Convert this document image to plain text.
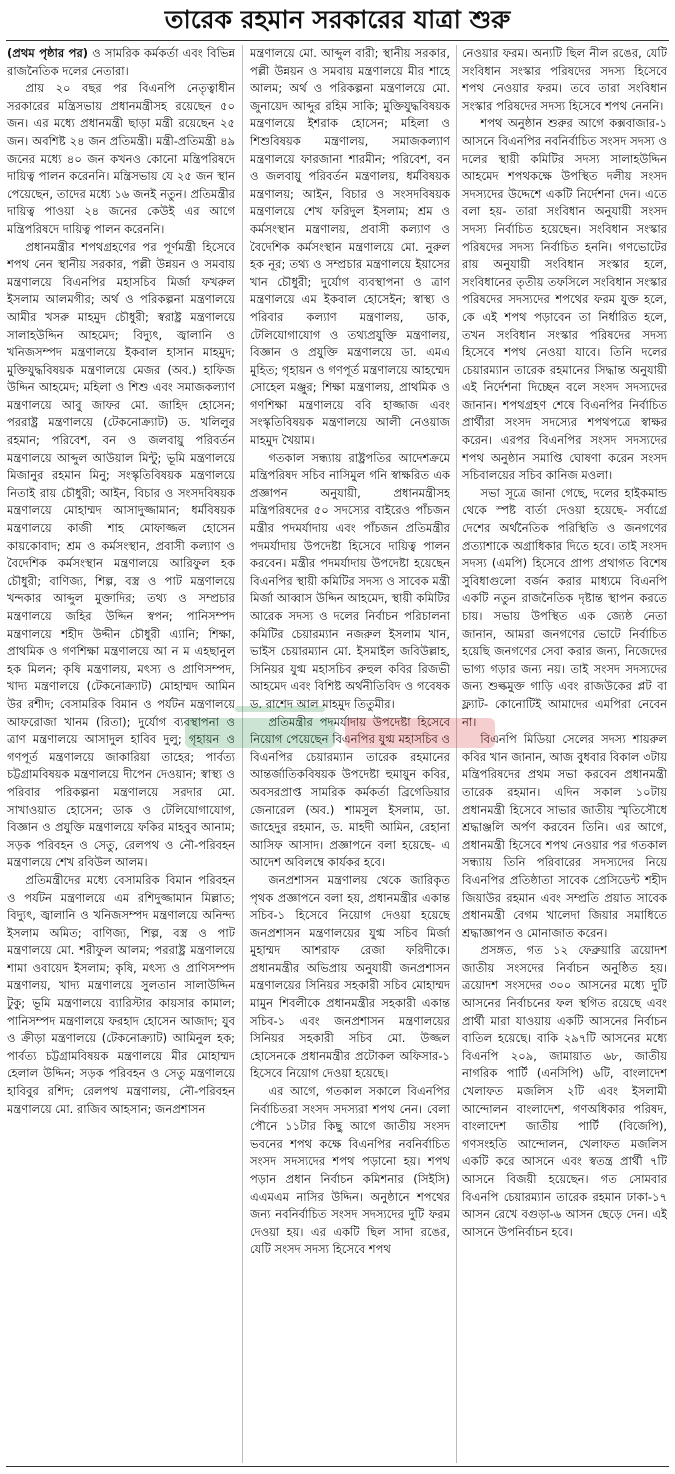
তারেক রহমান সরকারের যাত্রা শুরু

(প্রথম পৃষ্ঠার পর) ও সামরিক কর্মকর্তা এবং বিভিন্ন রাজনৈতিক দলের নেতারা।

প্রায় ২০ বছর পর বিএনপি নেতৃত্বাধীন সরকারের মন্ত্রিসভায় প্রধানমন্ত্রীসহ রয়েছেন ৫০ জন। এর মধ্যে প্রধানমন্ত্রী ছাড়া মন্ত্রী রয়েছেন ২৫ জন। অবশিষ্ট ২৪ জন প্রতিমন্ত্রী। মন্ত্রী-প্রতিমন্ত্রী ৪৯ জনের মধ্যে ৪০ জন কখনও কোনো মন্ত্রিপরিষদে দায়িত্ব পালন করেননি। মন্ত্রিসভায় যে ২৫ জন স্থান পেয়েছেন, তাদের মধ্যে ১৬ জনই নতুন। প্রতিমন্ত্রীর দায়িত্ব পাওয়া ২৪ জনের কেউই এর আগে মন্ত্রিপরিষদে দায়িত্ব পালন করেননি।

প্রধানমন্ত্রীর শপথগ্রহণের পর পূর্ণমন্ত্রী হিসেবে শপথ নেন স্থানীয় সরকার, পল্লী উন্নয়ন ও সমবায় মন্ত্রণালয়ে বিএনপির মহাসচিব মির্জা ফখরুল ইসলাম আলমগীর; অর্থ ও পরিকল্পনা মন্ত্রণালয়ে আমীর খসরু মাহমুদ চৌধুরী; স্বরাষ্ট্র মন্ত্রণালয়ে সালাহউদ্দিন আহমেদ; বিদ্যুৎ, জ্বালানি ও খনিজসম্পদ মন্ত্রণালয়ে ইকবাল হাসান মাহমুদ; মুক্তিযুদ্ধবিষয়ক মন্ত্রণালয়ে মেজর (অব.) হাফিজ উদ্দিন আহমেদ; মহিলা ও শিশু এবং সমাজকল্যাণ মন্ত্রণালয়ে আবু জাফর মো. জাহিদ হোসেন; পররাষ্ট্র মন্ত্রণালয়ে (টেকনোক্র্যাট) ড. খলিলুর রহমান; পরিবেশ, বন ও জলবায়ু পরিবর্তন মন্ত্রণালয়ে আব্দুল আউয়াল মিন্টু; ভূমি মন্ত্রণালয়ে মিজানুর রহমান মিনু; সংস্কৃতিবিষয়ক মন্ত্রণালয়ে নিতাই রায় চৌধুরী; আইন, বিচার ও সংসদবিষয়ক মন্ত্রণালয়ে মোহাম্মদ আসাদুজ্জামান; ধর্মবিষয়ক মন্ত্রণালয়ে কাজী শাহ মোফাজ্জল হোসেন কায়কোবাদ; শ্রম ও কর্মসংস্থান, প্রবাসী কল্যাণ ও বৈদেশিক কর্মসংস্থান মন্ত্রণালয়ে আরিফুল হক চৌধুরী; বাণিজ্য, শিল্প, বস্ত্র ও পাট মন্ত্রণালয়ে খন্দকার আব্দুল মুক্তাদির; তথ্য ও সম্প্রচার মন্ত্রণালয়ে জহির উদ্দিন স্বপন; পানিসম্পদ মন্ত্রণালয়ে শহীদ উদ্দীন চৌধুরী এ্যানি; শিক্ষা, প্রাথমিক ও গণশিক্ষা মন্ত্রণালয়ে আ ন ম এহছানুল হক মিলন; কৃষি মন্ত্রণালয়, মৎস্য ও প্রাণিসম্পদ, খাদ্য মন্ত্রণালয়ে (টেকনোক্র্যাট) মোহাম্মদ আমিন উর রশীদ; বেসামরিক বিমান ও পর্যটন মন্ত্রণালয়ে আফরোজা খানম (রিতা); দুর্যোগ ব্যবস্থাপনা ও ত্রাণ মন্ত্রণালয়ে আসাদুল হাবিব দুলু; গৃহায়ন ও গণপূর্ত মন্ত্রণালয়ে জাকারিয়া তাহের; পার্বত্য চট্টগ্রামবিষয়ক মন্ত্রণালয়ে দীপেন দেওয়ান; স্বাস্থ্য ও পরিবার পরিকল্পনা মন্ত্রণালয়ে সরদার মো. সাখাওয়াত হোসেন; ডাক ও টেলিযোগাযোগ, বিজ্ঞান ও প্রযুক্তি মন্ত্রণালয়ে ফকির মাহবুব আনাম; সড়ক পরিবহন ও সেতু, রেলপথ ও নৌ-পরিবহন মন্ত্রণালয়ে শেখ রবিউল আলম।

প্রতিমন্ত্রীদের মধ্যে বেসামরিক বিমান পরিবহন ও পর্যটন মন্ত্রণালয়ে এম রশিদুজ্জামান মিল্লাত; বিদ্যুৎ, জ্বালানি ও খনিজসম্পদ মন্ত্রণালয়ে অনিন্দ্য ইসলাম অমিত; বাণিজ্য, শিল্প, বস্ত্র ও পাট মন্ত্রণালয়ে মো. শরীফুল আলম; পররাষ্ট্র মন্ত্রণালয়ে শামা ওবায়েদ ইসলাম; কৃষি, মৎস্য ও প্রাণিসম্পদ মন্ত্রণালয়, খাদ্য মন্ত্রণালয়ে সুলতান সালাউদ্দিন টুকু; ভূমি মন্ত্রণালয়ে ব্যারিস্টার কায়সার কামাল; পানিসম্পদ মন্ত্রণালয়ে ফরহাদ হোসেন আজাদ; যুব ও ক্রীড়া মন্ত্রণালয়ে (টেকনোক্র্যাট) আমিনুল হক; পার্বত্য চট্টগ্রামবিষয়ক মন্ত্রণালয়ে মীর মোহাম্মদ হেলাল উদ্দিন; সড়ক পরিবহন ও সেতু মন্ত্রণালয়ে হাবিবুর রশিদ; রেলপথ মন্ত্রণালয়, নৌ-পরিবহন মন্ত্রণালয়ে মো. রাজিব আহসান; জনপ্রশাসন

মন্ত্রণালয়ে মো. আব্দুল বারী; স্থানীয় সরকার, পল্লী উন্নয়ন ও সমবায় মন্ত্রণালয়ে মীর শাহে আলম; অর্থ ও পরিকল্পনা মন্ত্রণালয়ে মো. জুনায়েদ আব্দুর রহিম সাকি; মুক্তিযুদ্ধবিষয়ক মন্ত্রণালয়ে ইশরাক হোসেন; মহিলা ও শিশুবিষয়ক মন্ত্রণালয়, সমাজকল্যাণ মন্ত্রণালয়ে ফারজানা শারমীন; পরিবেশ, বন ও জলবায়ু পরিবর্তন মন্ত্রণালয়, ধর্মবিষয়ক মন্ত্রণালয়; আইন, বিচার ও সংসদবিষয়ক মন্ত্রণালয়ে শেখ ফরিদুল ইসলাম; শ্রম ও কর্মসংস্থান মন্ত্রণালয়, প্রবাসী কল্যাণ ও বৈদেশিক কর্মসংস্থান মন্ত্রণালয়ে মো. নুরুল হক নূর; তথ্য ও সম্প্রচার মন্ত্রণালয়ে ইয়াসের খান চৌধুরী; দুর্যোগ ব্যবস্থাপনা ও ত্রাণ মন্ত্রণালয়ে এম ইকবাল হোসেইন; স্বাস্থ্য ও পরিবার কল্যাণ মন্ত্রণালয়, ডাক, টেলিযোগাযোগ ও তথ্যপ্রযুক্তি মন্ত্রণালয়, বিজ্ঞান ও প্রযুক্তি মন্ত্রণালয়ে ডা. এমএ মুহিত; গৃহায়ন ও গণপূর্ত মন্ত্রণালয়ে আহম্মেদ সোহেল মঞ্জুর; শিক্ষা মন্ত্রণালয়, প্রাথমিক ও গণশিক্ষা মন্ত্রণালয়ে ববি হাজ্জাজ এবং সংস্কৃতিবিষয়ক মন্ত্রণালয়ে আলী নেওয়াজ মাহমুদ খৈয়াম।

গতকাল সন্ধ্যায় রাষ্ট্রপতির আদেশক্রমে মন্ত্রিপরিষদ সচিব নাসিমুল গনি স্বাক্ষরিত এক প্রজ্ঞাপন অনুযায়ী, প্রধানমন্ত্রীসহ মন্ত্রিপরিষদের ৫০ সদস্যের বাইরেও পাঁচজন মন্ত্রীর পদমর্যাদায় এবং পাঁচজন প্রতিমন্ত্রীর পদমর্যাদায় উপদেষ্টা হিসেবে দায়িত্ব পালন করবেন। মন্ত্রীর পদমর্যাদায় উপদেষ্টা হয়েছেন বিএনপির স্থায়ী কমিটির সদস্য ও সাবেক মন্ত্রী মির্জা আব্বাস উদ্দিন আহমেদ, স্থায়ী কমিটির আরেক সদস্য ও দলের নির্বাচন পরিচালনা কমিটির চেয়ারম্যান নজরুল ইসলাম খান, ভাইস চেয়ারম্যান মো. ইসমাইল জবিউল্লাহ, সিনিয়র যুগ্ম মহাসচিব রুহুল কবির রিজভী আহমেদ এবং বিশিষ্ট অর্থনীতিবিদ ও গবেষক ড. রাশেদ আল মাহমুদ তিতুমীর।

প্রতিমন্ত্রীর পদমর্যাদায় উপদেষ্টা হিসেবে নিয়োগ পেয়েছেন বিএনপির যুগ্ম মহাসচিব ও বিএনপির চেয়ারম্যান তারেক রহমানের আন্তর্জাতিকবিষয়ক উপদেষ্টা হুমায়ুন কবির, অবসরপ্রাপ্ত সামরিক কর্মকর্তা ব্রিগেডিয়ার জেনারেল (অব.) শামসুল ইসলাম, ডা. জাহেদুর রহমান, ড. মাহদী আমিন, রেহানা আসিফ আসাদ। প্রজ্ঞাপনে বলা হয়েছে- এ আদেশ অবিলম্বে কার্যকর হবে।

জনপ্রশাসন মন্ত্রণালয় থেকে জারিকৃত পৃথক প্রজ্ঞাপনে বলা হয়, প্রধানমন্ত্রীর একান্ত সচিব-১ হিসেবে নিয়োগ দেওয়া হয়েছে জনপ্রশাসন মন্ত্রণালয়ের যুগ্ম সচিব মির্জা মুহাম্মদ আশরাফ রেজা ফরিদীকে। প্রধানমন্ত্রীর অভিপ্রায় অনুযায়ী জনপ্রশাসন মন্ত্রণালয়ের সিনিয়র সহকারী সচিব মোহাম্মদ মামুন শিবলীকে প্রধানমন্ত্রীর সহকারী একান্ত সচিব-১ এবং জনপ্রশাসন মন্ত্রণালয়ের সিনিয়র সহকারী সচিব মো. উজ্জল হোসেনকে প্রধানমন্ত্রীর প্রটোকল অফিসার-১ হিসেবে নিয়োগ দেওয়া হয়েছে।

এর আগে, গতকাল সকালে বিএনপির নির্বাচিতরা সংসদ সদস্যরা শপথ নেন। বেলা পৌনে ১১টার কিছু আগে জাতীয় সংসদ ভবনের শপথ কক্ষে বিএনপির নবনির্বাচিত সংসদ সদস্যদের শপথ পড়ানো হয়। শপথ পড়ান প্রধান নির্বাচন কমিশনার (সিইসি) এএমএম নাসির উদ্দিন। অনুষ্ঠানে শপথের জন্য নবনির্বাচিত সংসদ সদস্যদের দুটি ফরম দেওয়া হয়। এর একটি ছিল সাদা রঙের, যেটি সংসদ সদস্য হিসেবে শপথ

নেওয়ার ফরম। অন্যটি ছিল নীল রঙের, যেটি সংবিধান সংস্কার পরিষদের সদস্য হিসেবে শপথ নেওয়ার ফরম। তবে তারা সংবিধান সংস্কার পরিষদের সদস্য হিসেবে শপথ নেননি।

শপথ অনুষ্ঠান শুরুর আগে কক্সবাজার-১ আসনে বিএনপির নবনির্বাচিত সংসদ সদস্য ও দলের স্থায়ী কমিটির সদস্য সালাহউদ্দিন আহমেদ শপথকক্ষে উপস্থিত দলীয় সংসদ সদস্যদের উদ্দেশে একটি নির্দেশনা দেন। এতে বলা হয়- তারা সংবিধান অনুযায়ী সংসদ সদস্য নির্বাচিত হয়েছেন। সংবিধান সংস্কার পরিষদের সদস্য নির্বাচিত হননি। গণভোটের রায় অনুযায়ী সংবিধান সংস্কার হলে, সংবিধানের তৃতীয় তফসিলে সংবিধান সংস্কার পরিষদের সদস্যদের শপথের ফরম যুক্ত হলে, কে এই শপথ পড়াবেন তা নির্ধারিত হলে, তখন সংবিধান সংস্কার পরিষদের সদস্য হিসেবে শপথ নেওয়া যাবে। তিনি দলের চেয়ারম্যান তারেক রহমানের সিদ্ধান্ত অনুযায়ী এই নির্দেশনা দিচ্ছেন বলে সংসদ সদস্যদের জানান। শপথগ্রহণ শেষে বিএনপির নির্বাচিত প্রার্থীরা সংসদ সদস্যের শপথপত্রে স্বাক্ষর করেন। এরপর বিএনপির সংসদ সদস্যদের শপথ অনুষ্ঠান সমাপ্তি ঘোষণা করেন সংসদ সচিবালয়ের সচিব কানিজ মওলা।

সভা সূত্রে জানা গেছে, দলের হাইকমান্ড থেকে স্পষ্ট বার্তা দেওয়া হয়েছে- সর্বাগ্রে দেশের অর্থনৈতিক পরিস্থিতি ও জনগণের প্রত্যাশাকে অগ্রাধিকার দিতে হবে। তাই সংসদ সদস্য (এমপি) হিসেবে প্রাপ্য প্রথাগত বিশেষ সুবিধাগুলো বর্জন করার মাধ্যমে বিএনপি একটি নতুন রাজনৈতিক দৃষ্টান্ত স্থাপন করতে চায়। সভায় উপস্থিত এক জ্যেষ্ঠ নেতা জানান, আমরা জনগণের ভোটে নির্বাচিত হয়েছি জনগণের সেবা করার জন্য, নিজেদের ভাগ্য গড়ার জন্য নয়। তাই সংসদ সদস্যদের জন্য শুল্কমুক্ত গাড়ি এবং রাজউকের প্লট বা ফ্ল্যাট- কোনোটিই আমাদের এমপিরা নেবেন না।

বিএনপি মিডিয়া সেলের সদস্য শায়রুল কবির খান জানান, আজ বুধবার বিকাল ৩টায় মন্ত্রিপরিষদের প্রথম সভা করবেন প্রধানমন্ত্রী তারেক রহমান। এদিন সকাল ১০টায় প্রধানমন্ত্রী হিসেবে সাভার জাতীয় স্মৃতিসৌধে শ্রদ্ধাঞ্জলি অর্পণ করবেন তিনি। এর আগে, প্রধানমন্ত্রী হিসেবে শপথ নেওয়ার পর গতকাল সন্ধ্যায় তিনি পরিবারের সদস্যদের নিয়ে বিএনপির প্রতিষ্ঠাতা সাবেক প্রেসিডেন্ট শহীদ জিয়াউর রহমান এবং সম্প্রতি প্রয়াত সাবেক প্রধানমন্ত্রী বেগম খালেদা জিয়ার সমাধিতে শ্রদ্ধাজ্ঞাপন ও মোনাজাত করেন।

প্রসঙ্গত, গত ১২ ফেব্রুয়ারি ত্রয়োদশ জাতীয় সংসদের নির্বাচন অনুষ্ঠিত হয়। ত্রয়োদশ সংসদের ৩০০ আসনের মধ্যে দুটি আসনের নির্বাচনের ফল স্থগিত রয়েছে এবং প্রার্থী মারা যাওয়ায় একটি আসনের নির্বাচন বাতিল হয়েছে। বাকি ২৯৭টি আসনের মধ্যে বিএনপি ২০৯, জামায়াত ৬৮, জাতীয় নাগরিক পার্টি (এনসিপি) ৬টি, বাংলাদেশ খেলাফত মজলিস ২টি এবং ইসলামী আন্দোলন বাংলাদেশ, গণঅধিকার পরিষদ, বাংলাদেশ জাতীয় পার্টি (বিজেপি), গণসংহতি আন্দোলন, খেলাফত মজলিস একটি করে আসনে এবং স্বতন্ত্র প্রার্থী ৭টি আসনে বিজয়ী হয়েছেন। গত সোমবার বিএনপি চেয়ারম্যান তারেক রহমান ঢাকা-১৭ আসন রেখে বগুড়া-৬ আসন ছেড়ে দেন। এই আসনে উপনির্বাচন হবে।
